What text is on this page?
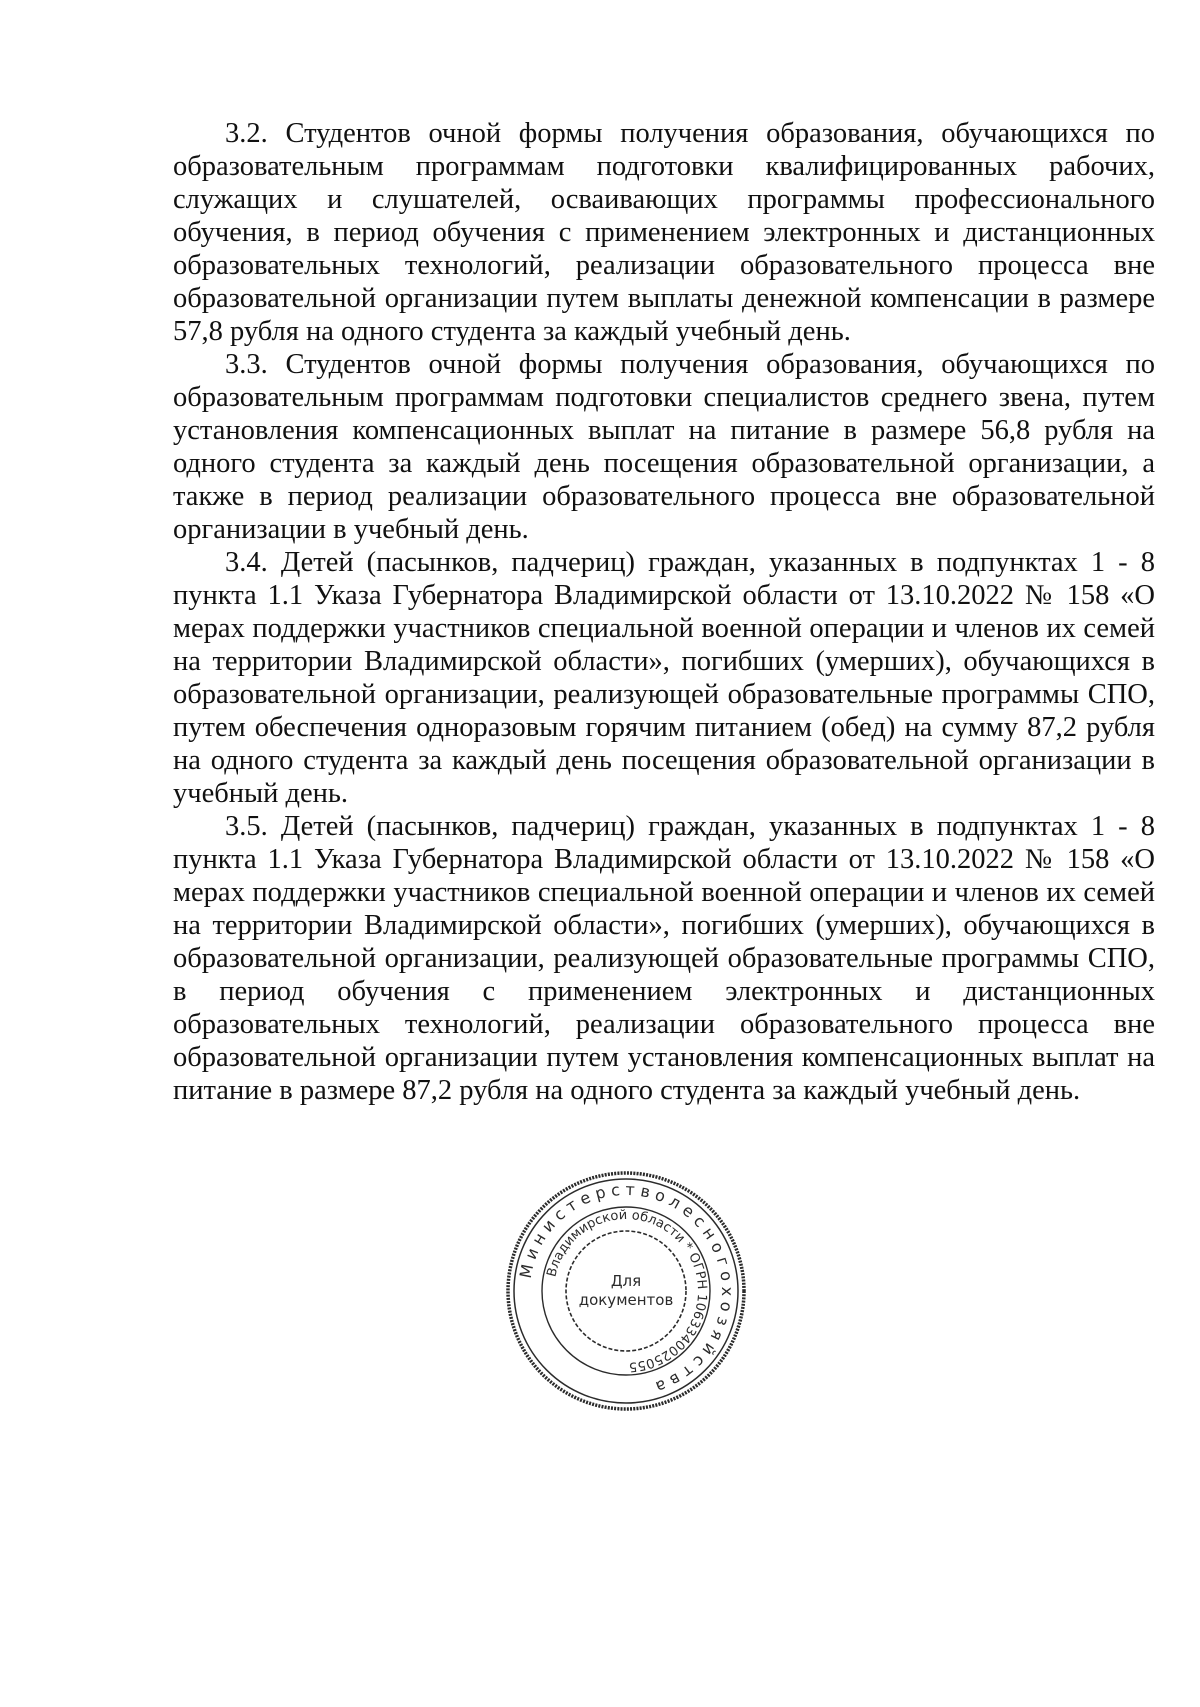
3.2. Студентов очной формы получения образования, обучающихся по образовательным программам подготовки квалифицированных рабочих, служащих и слушателей, осваивающих программы профессионального обучения, в период обучения с применением электронных и дистанционных образовательных технологий, реализации образовательного процесса вне образовательной организации путем выплаты денежной компенсации в размере 57,8 рубля на одного студента за каждый учебный день.

3.3. Студентов очной формы получения образования, обучающихся по образовательным программам подготовки специалистов среднего звена, путем установления компенсационных выплат на питание в размере 56,8 рубля на одного студента за каждый день посещения образовательной организации, а также в период реализации образовательного процесса вне образовательной организации в учебный день.

3.4. Детей (пасынков, падчериц) граждан, указанных в подпунктах 1 - 8 пункта 1.1 Указа Губернатора Владимирской области от 13.10.2022 № 158 «О мерах поддержки участников специальной военной операции и членов их семей на территории Владимирской области», погибших (умерших), обучающихся в образовательной организации, реализующей образовательные программы СПО, путем обеспечения одноразовым горячим питанием (обед) на сумму 87,2 рубля на одного студента за каждый день посещения образовательной организации в учебный день.

3.5. Детей (пасынков, падчериц) граждан, указанных в подпунктах 1 - 8 пункта 1.1 Указа Губернатора Владимирской области от 13.10.2022 № 158 «О мерах поддержки участников специальной военной операции и членов их семей на территории Владимирской области», погибших (умерших), обучающихся в образовательной организации, реализующей образовательные программы СПО, в период обучения с применением электронных и дистанционных образовательных технологий, реализации образовательного процесса вне образовательной организации путем установления компенсационных выплат на питание в размере 87,2 рубля на одного студента за каждый учебный день.

М и н и с т е р с т в о л е с н о г о х о з я й с т в а
Владимирской области * ОГРН 1063340025055
Для
документов
